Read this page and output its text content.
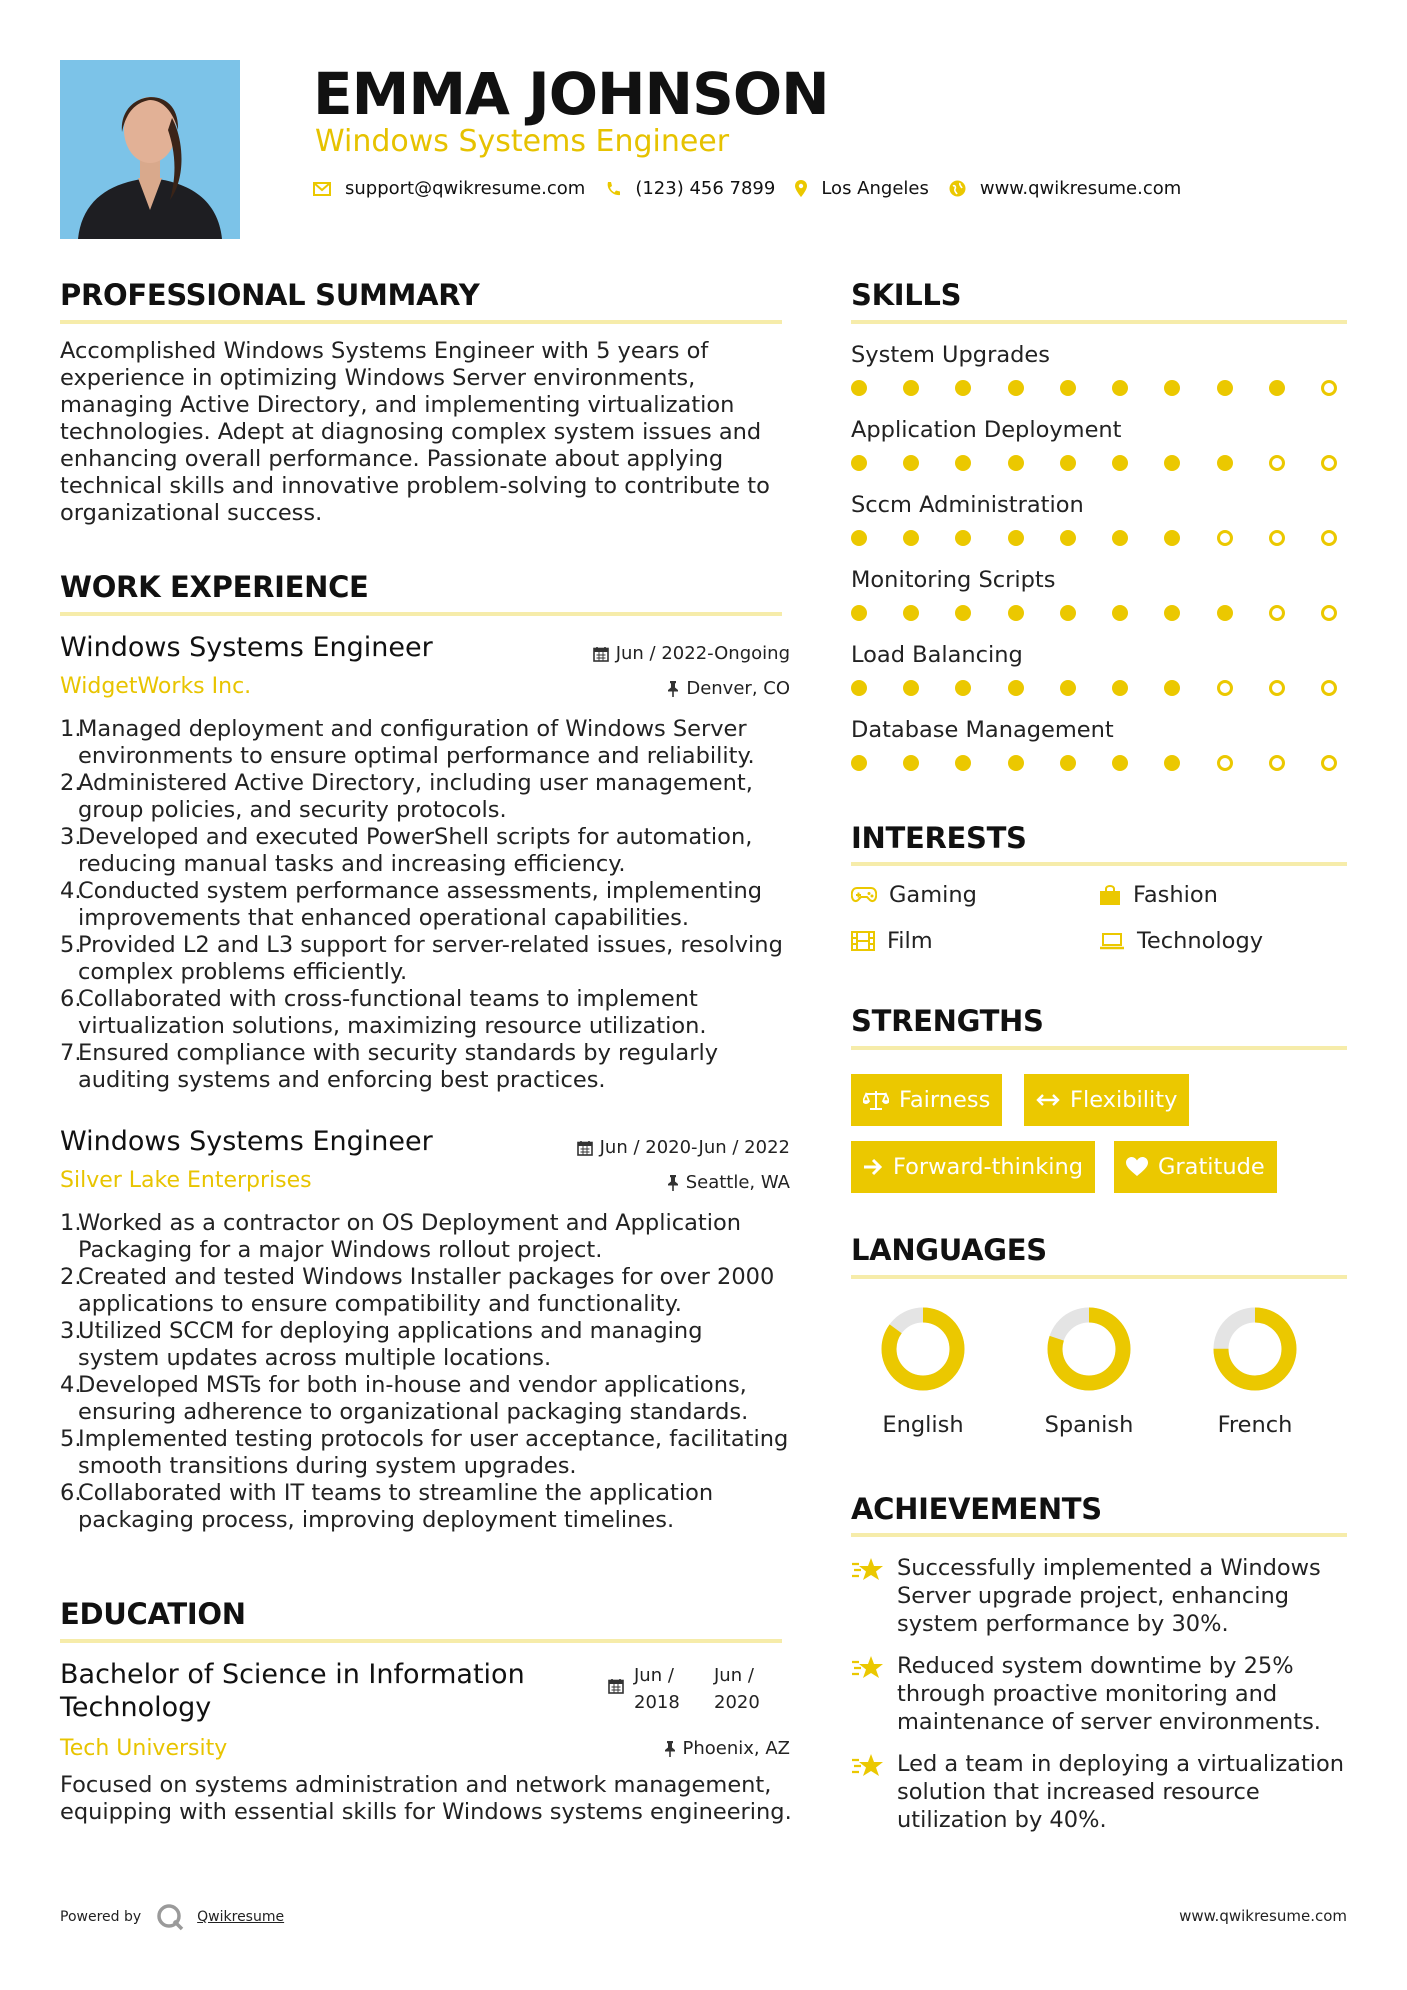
EMMA JOHNSON
Windows Systems Engineer
support@qwikresume.com	(123) 456 7899	Los Angeles	www.qwikresume.com
PROFESSIONAL SUMMARY
Accomplished Windows Systems Engineer with 5 years of
experience in optimizing Windows Server environments,
managing Active Directory, and implementing virtualization
technologies. Adept at diagnosing complex system issues and
enhancing overall performance. Passionate about applying
technical skills and innovative problem-solving to contribute to
organizational success.
WORK EXPERIENCE
Windows Systems Engineer	Jun / 2022-Ongoing
WidgetWorks Inc.	Denver, CO
1.
Managed deployment and configuration of Windows Server
environments to ensure optimal performance and reliability.
2.
Administered Active Directory, including user management,
group policies, and security protocols.
3.
Developed and executed PowerShell scripts for automation,
reducing manual tasks and increasing efficiency.
4.
Conducted system performance assessments, implementing
improvements that enhanced operational capabilities.
5.
Provided L2 and L3 support for server-related issues, resolving
complex problems efficiently.
6.
Collaborated with cross-functional teams to implement
virtualization solutions, maximizing resource utilization.
7.
Ensured compliance with security standards by regularly
auditing systems and enforcing best practices.
Windows Systems Engineer	Jun / 2020-Jun / 2022
Silver Lake Enterprises	Seattle, WA
1.
Worked as a contractor on OS Deployment and Application
Packaging for a major Windows rollout project.
2.
Created and tested Windows Installer packages for over 2000
applications to ensure compatibility and functionality.
3.
Utilized SCCM for deploying applications and managing
system updates across multiple locations.
4.
Developed MSTs for both in-house and vendor applications,
ensuring adherence to organizational packaging standards.
5.
Implemented testing protocols for user acceptance, facilitating
smooth transitions during system upgrades.
6.
Collaborated with IT teams to streamline the application
packaging process, improving deployment timelines.
EDUCATION
Bachelor of Science in Information
Technology
Jun /
2018
Jun /
2020
Tech University	Phoenix, AZ
Focused on systems administration and network management,
equipping with essential skills for Windows systems engineering.
SKILLS
System Upgrades
Application Deployment
Sccm Administration
Monitoring Scripts
Load Balancing
Database Management
INTERESTS
Gaming	Fashion
Film	Technology
STRENGTHS
Fairness	Flexibility
Forward-thinking	Gratitude
LANGUAGES
English	Spanish	French
ACHIEVEMENTS
Successfully implemented a Windows
Server upgrade project, enhancing
system performance by 30%.
Reduced system downtime by 25%
through proactive monitoring and
maintenance of server environments.
Led a team in deploying a virtualization
solution that increased resource
utilization by 40%.
Powered by	Qwikresume	www.qwikresume.com
